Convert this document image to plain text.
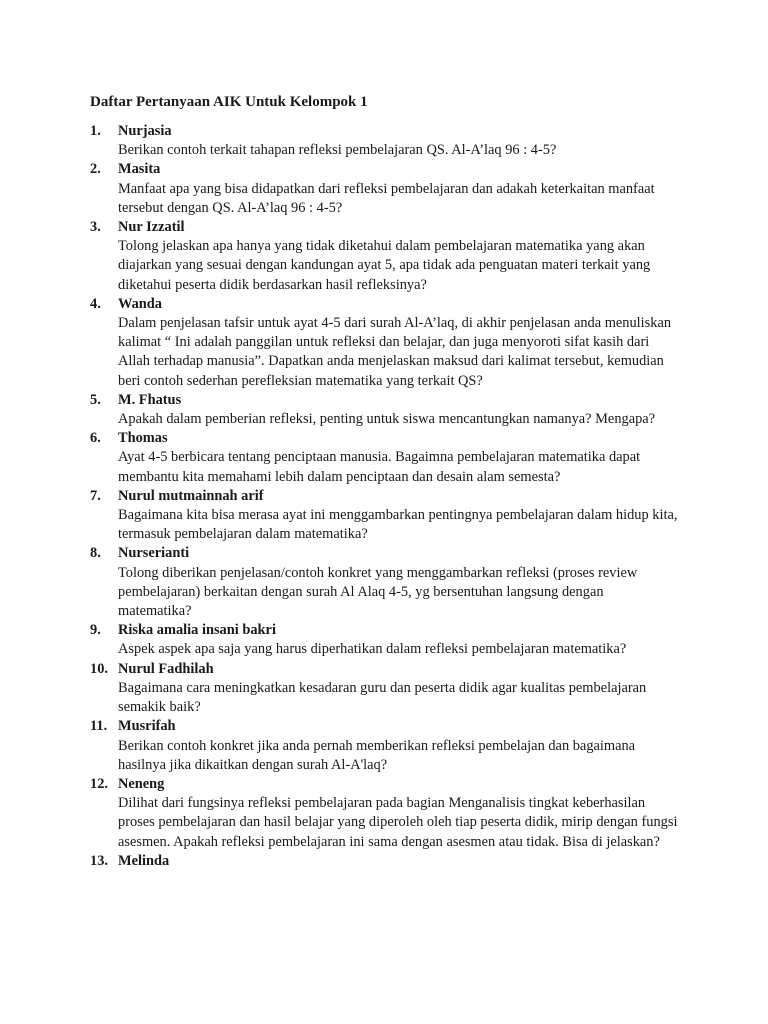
Daftar Pertanyaan AIK Untuk Kelompok 1
1. Nurjasia
Berikan contoh terkait tahapan refleksi pembelajaran QS. Al-A’laq 96 : 4-5?
2. Masita
Manfaat apa yang bisa didapatkan dari refleksi pembelajaran dan adakah keterkaitan manfaat tersebut dengan QS. Al-A’laq 96 : 4-5?
3. Nur Izzatil
Tolong jelaskan apa hanya yang tidak diketahui dalam pembelajaran matematika yang akan diajarkan yang sesuai dengan kandungan ayat 5, apa tidak ada penguatan materi terkait yang diketahui peserta didik berdasarkan hasil refleksinya?
4. Wanda
Dalam penjelasan tafsir untuk ayat 4-5 dari surah Al-A’laq, di akhir penjelasan anda menuliskan kalimat “ Ini adalah panggilan untuk refleksi dan belajar, dan juga menyoroti sifat kasih dari Allah terhadap manusia”. Dapatkan anda menjelaskan maksud dari kalimat tersebut, kemudian beri contoh sederhan perefleksian matematika yang terkait QS?
5. M. Fhatus
Apakah dalam pemberian refleksi, penting untuk siswa mencantungkan namanya? Mengapa?
6. Thomas
Ayat 4-5 berbicara tentang penciptaan manusia. Bagaimna pembelajaran matematika dapat membantu kita memahami lebih dalam penciptaan dan desain alam semesta?
7. Nurul mutmainnah arif
Bagaimana kita bisa merasa ayat ini menggambarkan pentingnya pembelajaran dalam hidup kita, termasuk pembelajaran dalam matematika?
8. Nurserianti
Tolong diberikan penjelasan/contoh konkret yang menggambarkan refleksi (proses review pembelajaran) berkaitan dengan surah Al Alaq 4-5, yg bersentuhan langsung dengan matematika?
9. Riska amalia insani bakri
Aspek aspek apa saja yang harus diperhatikan dalam refleksi pembelajaran matematika?
10. Nurul Fadhilah
Bagaimana cara meningkatkan kesadaran guru dan peserta didik agar kualitas pembelajaran semakik baik?
11. Musrifah
Berikan contoh konkret jika anda pernah memberikan refleksi pembelajan dan bagaimana hasilnya jika dikaitkan dengan surah Al-A'laq?
12. Neneng
Dilihat dari fungsinya refleksi pembelajaran pada bagian Menganalisis tingkat keberhasilan proses pembelajaran dan hasil belajar yang diperoleh oleh tiap peserta didik, mirip dengan fungsi asesmen. Apakah refleksi pembelajaran ini sama dengan asesmen atau tidak. Bisa di jelaskan?
13. Melinda
